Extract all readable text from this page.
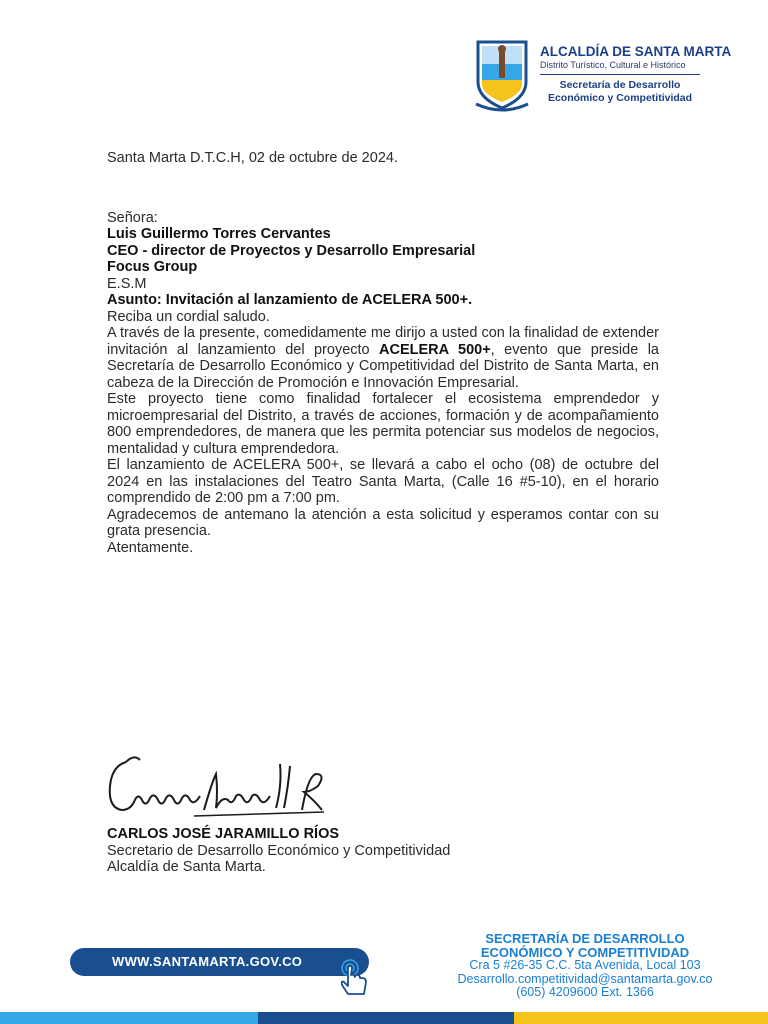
ALCALDÍA DE SANTA MARTA
Distrito Turístico, Cultural e Histórico
Secretaría de Desarrollo
Económico y Competitividad

Santa Marta D.T.C.H, 02 de octubre de 2024.

Señora:

Luis Guillermo Torres Cervantes

CEO - director de Proyectos y Desarrollo Empresarial

Focus Group

E.S.M

Asunto: Invitación al lanzamiento de ACELERA 500+.

Reciba un cordial saludo.

A través de la presente, comedidamente me dirijo a usted con la finalidad de extender invitación al lanzamiento del proyecto ACELERA 500+, evento que preside la Secretaría de Desarrollo Económico y Competitividad del Distrito de Santa Marta, en cabeza de la Dirección de Promoción e Innovación Empresarial.

Este proyecto tiene como finalidad fortalecer el ecosistema emprendedor y microempresarial del Distrito, a través de acciones, formación y de acompañamiento 800 emprendedores, de manera que les permita potenciar sus modelos de negocios, mentalidad y cultura emprendedora.

El lanzamiento de ACELERA 500+, se llevará a cabo el ocho (08) de octubre del 2024 en las instalaciones del Teatro Santa Marta, (Calle 16 #5-10), en el horario comprendido de 2:00 pm a 7:00 pm.

Agradecemos de antemano la atención a esta solicitud y esperamos contar con su grata presencia.

Atentamente.

CARLOS JOSÉ JARAMILLO RÍOS
Secretario de Desarrollo Económico y Competitividad
Alcaldía de Santa Marta.
WWW.SANTAMARTA.GOV.CO
SECRETARÍA DE DESARROLLO
ECONÓMICO Y COMPETITIVIDAD
Cra 5 #26-35 C.C. 5ta Avenida, Local 103
Desarrollo.competitividad@santamarta.gov.co
(605) 4209600 Ext. 1366
